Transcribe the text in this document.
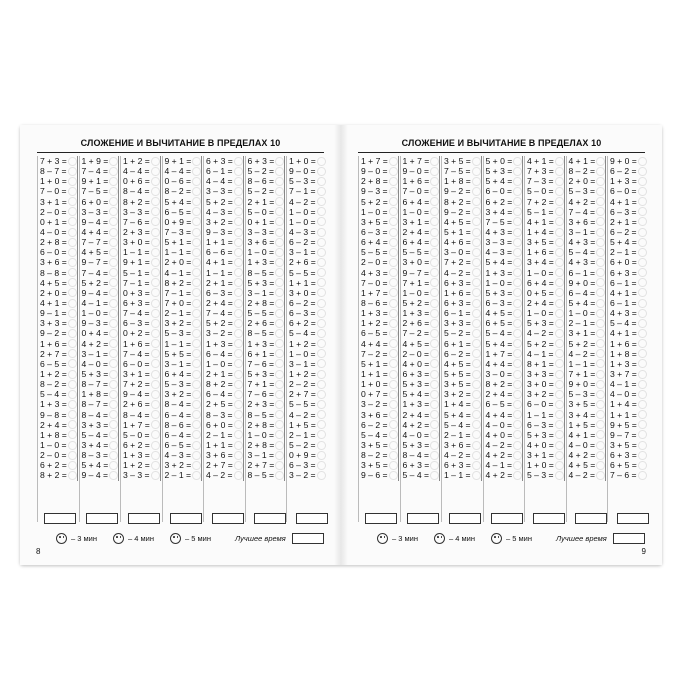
СЛОЖЕНИЕ И ВЫЧИТАНИЕ В ПРЕДЕЛАХ 10
7 + 3 =
8 – 7 =
1 + 0 =
7 – 0 =
3 + 1 =
2 – 0 =
0 + 1 =
4 – 0 =
2 + 8 =
6 – 0 =
3 + 6 =
8 – 8 =
4 + 5 =
2 + 0 =
4 + 1 =
9 – 1 =
3 + 3 =
9 – 2 =
1 + 6 =
2 + 7 =
6 – 5 =
1 + 2 =
8 – 2 =
5 – 4 =
1 + 3 =
9 – 8 =
2 + 4 =
1 + 8 =
1 – 0 =
2 – 0 =
6 + 2 =
8 + 2 =
1 + 9 =
7 – 4 =
9 + 1 =
7 – 5 =
6 + 0 =
3 – 3 =
9 – 4 =
4 + 4 =
7 – 7 =
4 + 5 =
9 – 7 =
7 – 4 =
5 + 2 =
9 – 4 =
4 – 1 =
1 – 0 =
9 – 3 =
0 + 4 =
4 + 2 =
3 – 1 =
4 – 0 =
5 + 3 =
8 – 7 =
1 + 8 =
8 – 7 =
8 – 4 =
3 + 3 =
5 – 4 =
3 + 4 =
8 – 3 =
5 + 4 =
9 – 4 =
1 + 2 =
4 – 4 =
0 + 6 =
8 – 4 =
8 + 2 =
3 – 3 =
7 – 6 =
2 + 3 =
3 + 0 =
1 – 1 =
9 + 1 =
5 – 1 =
7 – 1 =
0 + 3 =
6 + 3 =
7 – 4 =
6 – 3 =
0 + 2 =
1 + 6 =
7 – 4 =
6 – 0 =
3 + 1 =
7 + 2 =
9 – 4 =
2 + 6 =
8 – 4 =
1 + 7 =
5 – 0 =
6 + 2 =
1 + 3 =
1 + 2 =
3 – 3 =
9 + 1 =
4 – 4 =
0 – 6 =
8 – 2 =
5 + 4 =
6 – 5 =
0 + 9 =
7 – 3 =
5 + 1 =
1 – 1 =
2 + 0 =
4 – 1 =
8 + 2 =
7 – 1 =
7 + 0 =
2 – 1 =
3 + 2 =
5 – 3 =
1 – 1 =
5 + 5 =
3 – 1 =
6 + 4 =
5 – 3 =
3 + 2 =
8 – 4 =
6 – 4 =
8 – 6 =
6 – 4 =
6 – 5 =
4 – 3 =
3 + 2 =
2 – 1 =
6 + 3 =
6 – 1 =
4 – 4 =
3 – 3 =
5 + 2 =
4 – 3 =
3 + 2 =
9 – 3 =
1 + 1 =
6 – 6 =
4 + 1 =
1 – 1 =
2 + 1 =
6 – 3 =
2 + 4 =
7 – 4 =
5 + 2 =
3 – 2 =
1 + 3 =
6 – 4 =
1 – 0 =
2 + 1 =
8 + 2 =
6 – 4 =
2 + 5 =
8 – 3 =
6 + 0 =
2 – 1 =
1 + 1 =
3 + 6 =
2 + 7 =
4 – 2 =
6 + 3 =
5 – 2 =
8 – 6 =
5 – 2 =
2 + 1 =
5 – 0 =
0 + 1 =
3 – 3 =
3 + 6 =
1 – 0 =
1 + 3 =
8 – 5 =
5 + 3 =
3 – 1 =
2 + 8 =
5 – 5 =
2 + 6 =
8 – 5 =
1 + 3 =
6 + 1 =
7 – 6 =
5 + 3 =
7 + 1 =
7 – 6 =
2 + 3 =
8 – 5 =
2 + 8 =
1 – 0 =
2 + 8 =
3 – 1 =
2 + 7 =
8 – 5 =
1 + 0 =
9 – 0 =
5 – 3 =
7 – 1 =
4 – 2 =
1 – 0 =
1 – 0 =
4 – 3 =
6 – 2 =
3 – 1 =
2 + 6 =
5 – 5 =
1 + 1 =
3 + 0 =
6 – 2 =
6 – 3 =
6 + 2 =
5 – 4 =
1 + 2 =
1 – 0 =
3 – 1 =
1 + 2 =
2 – 2 =
2 + 7 =
5 – 5 =
4 – 2 =
1 + 5 =
2 – 1 =
5 – 2 =
0 + 9 =
6 – 3 =
3 – 2 =
– 3 мин	– 4 мин	– 5 мин	Лучшее время
8
СЛОЖЕНИЕ И ВЫЧИТАНИЕ В ПРЕДЕЛАХ 10
1 + 7 =
9 – 0 =
2 + 8 =
9 – 3 =
5 + 2 =
1 – 0 =
3 + 5 =
6 – 3 =
6 + 4 =
5 – 5 =
2 – 0 =
4 + 3 =
7 – 0 =
1 + 7 =
8 – 6 =
1 + 3 =
1 + 2 =
6 – 5 =
4 + 4 =
7 – 2 =
5 + 1 =
1 + 1 =
1 + 0 =
0 + 7 =
3 – 2 =
3 + 6 =
6 – 2 =
5 – 4 =
3 + 5 =
8 – 2 =
3 + 5 =
9 – 6 =
1 + 7 =
9 – 0 =
1 + 6 =
7 – 0 =
6 + 4 =
1 – 0 =
3 + 1 =
2 + 4 =
6 + 4 =
5 – 5 =
3 + 0 =
9 – 7 =
7 + 1 =
1 – 0 =
5 + 2 =
1 + 3 =
2 + 6 =
7 – 2 =
4 + 5 =
2 – 0 =
4 + 0 =
6 + 3 =
5 + 3 =
5 + 4 =
1 + 3 =
2 + 4 =
4 + 2 =
4 – 0 =
5 + 3 =
8 – 4 =
6 + 3 =
5 – 4 =
3 + 5 =
7 – 5 =
1 + 8 =
9 – 2 =
8 + 2 =
9 – 2 =
4 + 5 =
5 + 1 =
4 + 6 =
3 – 0 =
7 + 2 =
4 – 2 =
6 + 3 =
1 + 6 =
6 + 3 =
6 – 1 =
3 + 3 =
5 – 2 =
6 + 1 =
6 – 2 =
4 + 5 =
5 + 5 =
3 + 5 =
3 + 2 =
1 + 4 =
5 + 4 =
5 – 4 =
2 – 1 =
3 + 6 =
4 – 2 =
6 + 3 =
1 – 1 =
5 + 0 =
5 + 3 =
5 + 4 =
6 – 0 =
6 + 2 =
3 + 4 =
7 – 5 =
4 + 3 =
3 – 3 =
4 – 3 =
5 + 4 =
1 + 3 =
1 – 0 =
5 + 3 =
6 – 3 =
4 + 5 =
6 + 5 =
5 – 4 =
5 + 4 =
1 + 7 =
4 + 4 =
3 – 0 =
8 + 2 =
2 + 4 =
6 – 5 =
4 + 4 =
4 – 0 =
4 + 0 =
4 – 2 =
4 + 2 =
4 – 1 =
4 + 2 =
4 + 1 =
7 + 3 =
7 – 3 =
5 – 0 =
7 + 2 =
5 – 1 =
4 + 1 =
1 + 4 =
3 + 5 =
1 + 6 =
3 + 4 =
1 – 0 =
6 + 4 =
0 + 5 =
2 + 4 =
1 – 0 =
5 + 3 =
4 – 2 =
5 + 2 =
4 – 1 =
8 + 1 =
3 + 3 =
3 + 0 =
3 + 2 =
6 – 0 =
1 – 1 =
6 – 3 =
5 + 3 =
4 + 0 =
3 + 1 =
1 + 0 =
5 – 3 =
4 + 1 =
8 – 2 =
2 + 0 =
5 – 3 =
4 + 2 =
7 – 4 =
3 + 6 =
3 – 1 =
4 + 3 =
5 – 4 =
4 + 3 =
6 – 1 =
9 + 0 =
6 – 4 =
5 + 4 =
1 – 0 =
2 – 1 =
3 + 1 =
5 + 2 =
4 – 2 =
1 – 1 =
7 + 1 =
9 + 0 =
5 – 3 =
3 + 5 =
3 + 4 =
1 + 5 =
4 + 1 =
4 – 0 =
4 + 2 =
4 + 5 =
4 – 2 =
9 + 0 =
6 – 2 =
1 + 3 =
6 – 0 =
4 + 1 =
6 – 3 =
2 + 1 =
6 – 2 =
5 + 4 =
2 – 1 =
6 + 0 =
6 + 3 =
6 – 1 =
4 + 1 =
6 – 1 =
4 + 3 =
5 – 4 =
4 + 1 =
1 + 6 =
1 + 8 =
1 + 3 =
3 + 7 =
4 – 1 =
4 – 0 =
1 + 4 =
1 + 1 =
9 + 5 =
9 – 7 =
3 + 5 =
6 + 3 =
6 + 5 =
7 – 6 =
– 3 мин	– 4 мин	– 5 мин	Лучшее время
9
